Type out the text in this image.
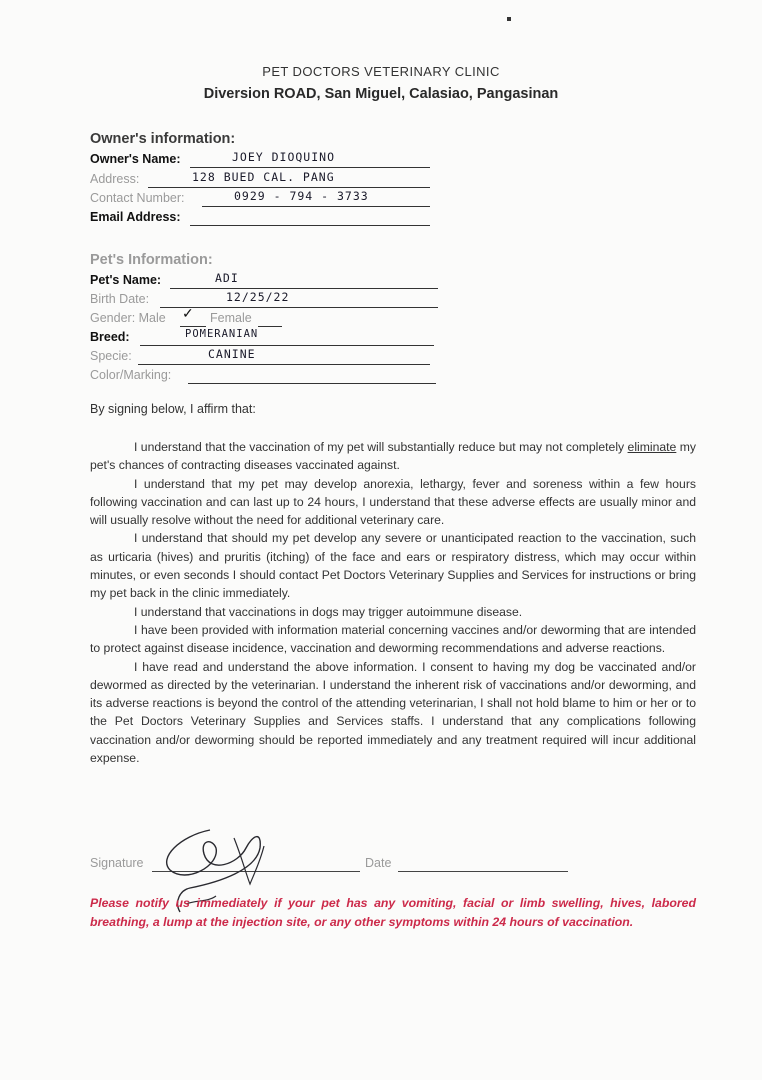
PET DOCTORS VETERINARY CLINIC
Diversion ROAD, San Miguel, Calasiao, Pangasinan
Owner's information:
Owner's Name:	JOEY DIOQUINO
Address:	128 BUED CAL. PANG
Contact Number:	0929 - 794 - 3733
Email Address:
Pet's Information:
Pet's Name:	ADI
Birth Date:	12/25/22
Gender: Male ✓ Female
Breed:	POMERANIAN
Specie:	CANINE
Color/Marking:
By signing below, I affirm that:

I understand that the vaccination of my pet will substantially reduce but may not completely eliminate my pet's chances of contracting diseases vaccinated against.

I understand that my pet may develop anorexia, lethargy, fever and soreness within a few hours following vaccination and can last up to 24 hours, I understand that these adverse effects are usually minor and will usually resolve without the need for additional veterinary care.

I understand that should my pet develop any severe or unanticipated reaction to the vaccination, such as urticaria (hives) and pruritis (itching) of the face and ears or respiratory distress, which may occur within minutes, or even seconds I should contact Pet Doctors Veterinary Supplies and Services for instructions or bring my pet back in the clinic immediately.

I understand that vaccinations in dogs may trigger autoimmune disease.

I have been provided with information material concerning vaccines and/or deworming that are intended to protect against disease incidence, vaccination and deworming recommendations and adverse reactions.

I have read and understand the above information. I consent to having my dog be vaccinated and/or dewormed as directed by the veterinarian. I understand the inherent risk of vaccinations and/or deworming, and its adverse reactions is beyond the control of the attending veterinarian, I shall not hold blame to him or her or to the Pet Doctors Veterinary Supplies and Services staffs. I understand that any complications following vaccination and/or deworming should be reported immediately and any treatment required will incur additional expense.

Signature	Date
Please notify us immediately if your pet has any vomiting, facial or limb swelling, hives, labored breathing, a lump at the injection site, or any other symptoms within 24 hours of vaccination.
